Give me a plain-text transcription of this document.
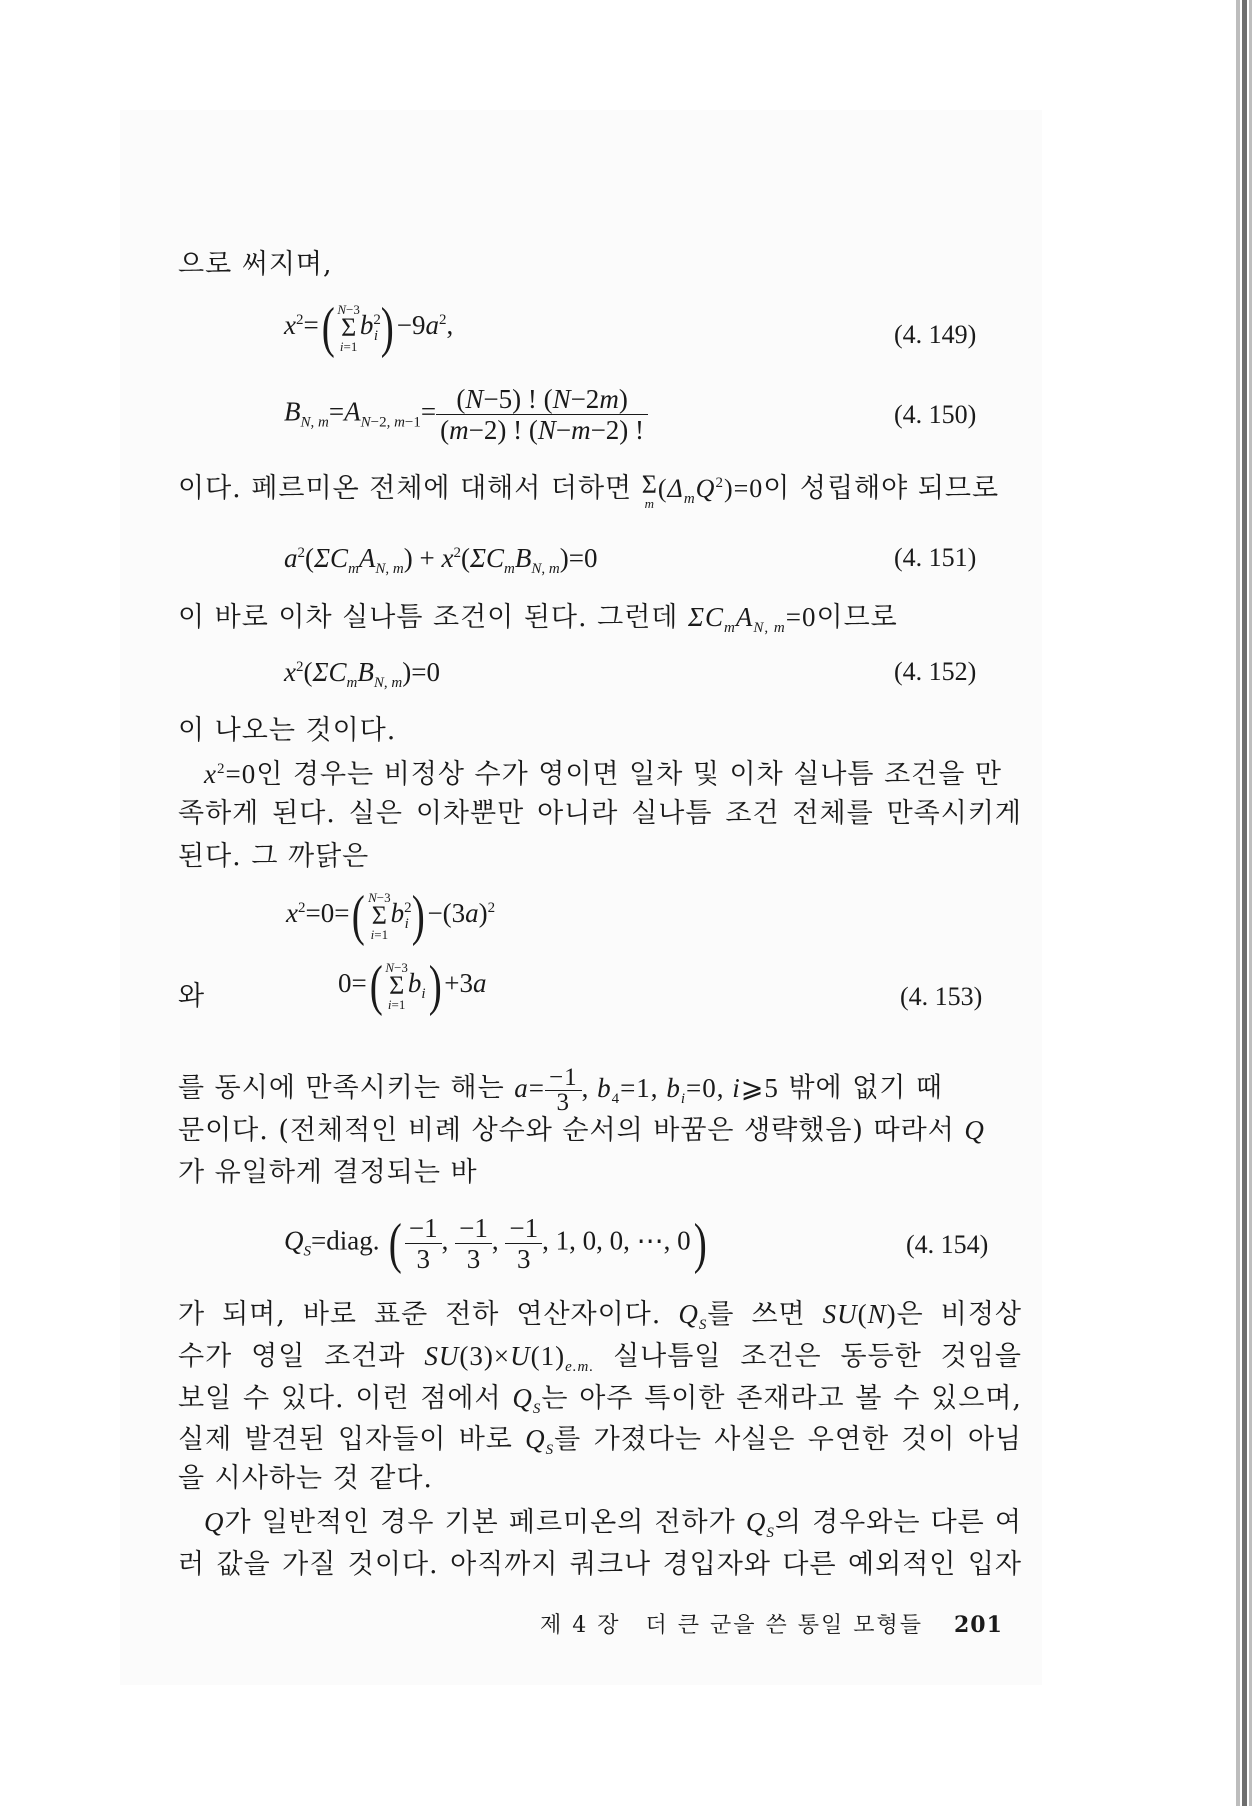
으로 써지며,
$x^2=$( N−3
Σ
i=1
$b^2_i) -9a^2$,	(4. 149)
$B_{N, m}=A_{N-2, m-1}= \frac{(N-5) ! (N-2m)}{(m-2) ! (N-m-2) !}$	(4. 150)
이다. 페르미온 전체에 대해서 더하면 Σ
m
$(\Delta_mQ^2)=0$이 성립해야 되므로
$a^2(\Sigma C_mA_{N, m}) + x^2(\Sigma C_mB_{N, m})=0$	(4. 151)
이 바로 이차 실나틈 조건이 된다. 그런데 $\Sigma C_mA_{N, m}=0$이므로
$x^2(\Sigma C_mB_{N, m})=0$	(4. 152)
이 나오는 것이다.
$x^2=0$인 경우는 비정상 수가 영이면 일차 및 이차 실나틈 조건을 만
족하게 된다. 실은 이차뿐만 아니라 실나틈 조건 전체를 만족시키게
된다. 그 까닭은
$x^2=0=$( N−3
Σ
i=1
$b^2_i) -(3a)^2$
와	0=( N−3
Σ
i=1
$b_i) +3a$	(4. 153)
를 동시에 만족시키는 해는 $a= \frac{-1}{3}$ , $b_4=1$, $b_i=0$, i⩾5 밖에 없기 때
문이다. (전체적인 비례 상수와 순서의 바꿈은 생략했음) 따라서 Q
가 유일하게 결정되는 바
$Q_S=diag$. ( $\frac{-1}{3}$ , $\frac{-1}{3}$ , $\frac{-1}{3}$ , 1, 0, 0, ⋯, 0)	(4. 154)
가 되며, 바로 표준 전하 연산자이다. $Q_S$를 쓰면 SU(N)은 비정상
수가 영일 조건과 $SU(3)\times U(1)_{e.m.}$ 실나틈일 조건은 동등한 것임을
보일 수 있다. 이런 점에서 $Q_S$는 아주 특이한 존재라고 볼 수 있으며,
실제 발견된 입자들이 바로 $Q_S$를 가졌다는 사실은 우연한 것이 아님
을 시사하는 것 같다.
Q가 일반적인 경우 기본 페르미온의 전하가 $Q_S$의 경우와는 다른 여
러 값을 가질 것이다. 아직까지 쿼크나 경입자와 다른 예외적인 입자
제 4 장 더 큰 군을 쓴 통일 모형들 201
